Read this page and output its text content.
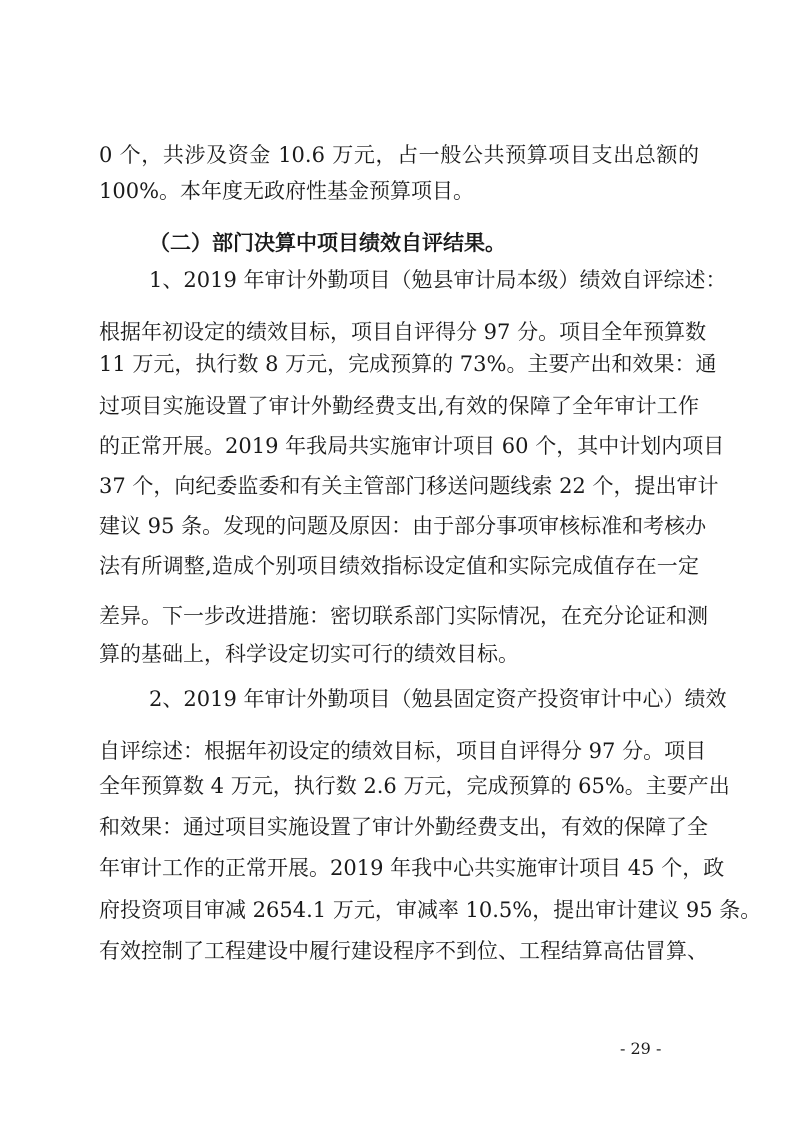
0 个，共涉及资金 10.6 万元，占一般公共预算项目支出总额的
100%。本年度无政府性基金预算项目。
（二）部门决算中项目绩效自评结果。
1、2019 年审计外勤项目（勉县审计局本级）绩效自评综述：
根据年初设定的绩效目标，项目自评得分 97 分。项目全年预算数
11 万元，执行数 8 万元，完成预算的 73%。主要产出和效果：通
过项目实施设置了审计外勤经费支出,有效的保障了全年审计工作
的正常开展。2019 年我局共实施审计项目 60 个，其中计划内项目
37 个，向纪委监委和有关主管部门移送问题线索 22 个，提出审计
建议 95 条。发现的问题及原因：由于部分事项审核标准和考核办
法有所调整,造成个别项目绩效指标设定值和实际完成值存在一定
差异。下一步改进措施：密切联系部门实际情况，在充分论证和测
算的基础上，科学设定切实可行的绩效目标。
2、2019 年审计外勤项目（勉县固定资产投资审计中心）绩效
自评综述：根据年初设定的绩效目标，项目自评得分 97 分。项目
全年预算数 4 万元，执行数 2.6 万元，完成预算的 65%。主要产出
和效果：通过项目实施设置了审计外勤经费支出，有效的保障了全
年审计工作的正常开展。2019 年我中心共实施审计项目 45 个，政
府投资项目审减 2654.1 万元，审减率 10.5%，提出审计建议 95 条。
有效控制了工程建设中履行建设程序不到位、工程结算高估冒算、
- 29 -
